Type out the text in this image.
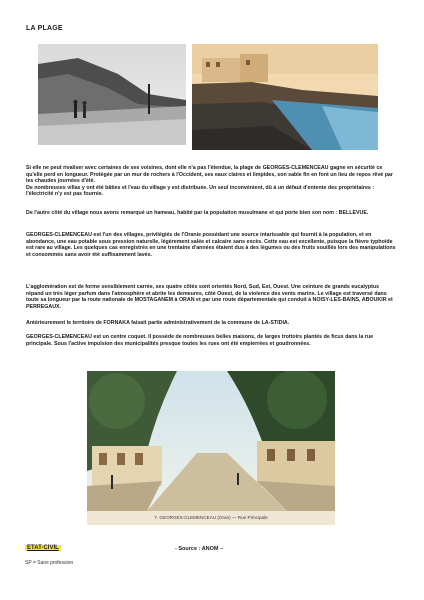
LA PLAGE

Si elle ne peut rivaliser avec certaines de ses voisines, dont elle n'a pas l'étendue, la plage de GEORGES-CLEMENCEAU gagne en sécurité ce qu'elle perd en longueur. Protégée par un mur de rochers à l'Occident, ses eaux claires et limpides, son sable fin en font un lieu de repos rêvé par les chaudes journées d'été.
De nombreuses villas y ont été bâties et l'eau du village y est distribuée. Un seul inconvénient, dû à un défaut d'entente des propriétaires : l'électricité n'y est pas fournie.

De l'autre côté du village nous avons remarqué un hameau, habité par la population musulmane et qui porte bien son nom : BELLEVUE.

GEORGES-CLEMENCEAU est l'un des villages, privilégiés de l'Oranie possédant une source intarissable qui fournit à la population, et en abondance, une eau potable sous pression naturelle, légèrement salée et calcaire sans excès. Cette eau est excellente, puisque la fièvre typhoïde est rare au village. Les quelques cas enregistrés en une trentaine d'années étaient dus à des légumes ou des fruits souillés lors des manipulations et consommés sans avoir été suffisamment lavés.

L'agglomération est de forme sensiblement carrée, ses quatre côtés sont orientés Nord, Sud, Est, Ouest. Une ceinture de grands eucalyptus répand un très léger parfum dans l'atmosphère et abrite les demeures, côté Ouest, de la violence des vents marins. Le village est traversé dans toute sa longueur par la route nationale de MOSTAGANEM à ORAN et par une route départementale qui conduit à NOISY-LES-BAINS, ABOUKIR et PERREGAUX.

Antérieurement le territoire de FORNAKA faisait partie administrativement de la commune de LA-STIDIA.

GEORGES-CLEMENCEAU est un centre coquet. Il possède de nombreuses belles maisons, de larges trottoirs plantés de ficus dans la rue principale. Sous l'active impulsion des municipalités presque toutes les rues ont été empierrées et goudronnées.

7. GEORGES-CLEMENCEAU (Oran) — Rue Principale
ETAT-CIVIL	- Source : ANOM –
SP = Sans profession
